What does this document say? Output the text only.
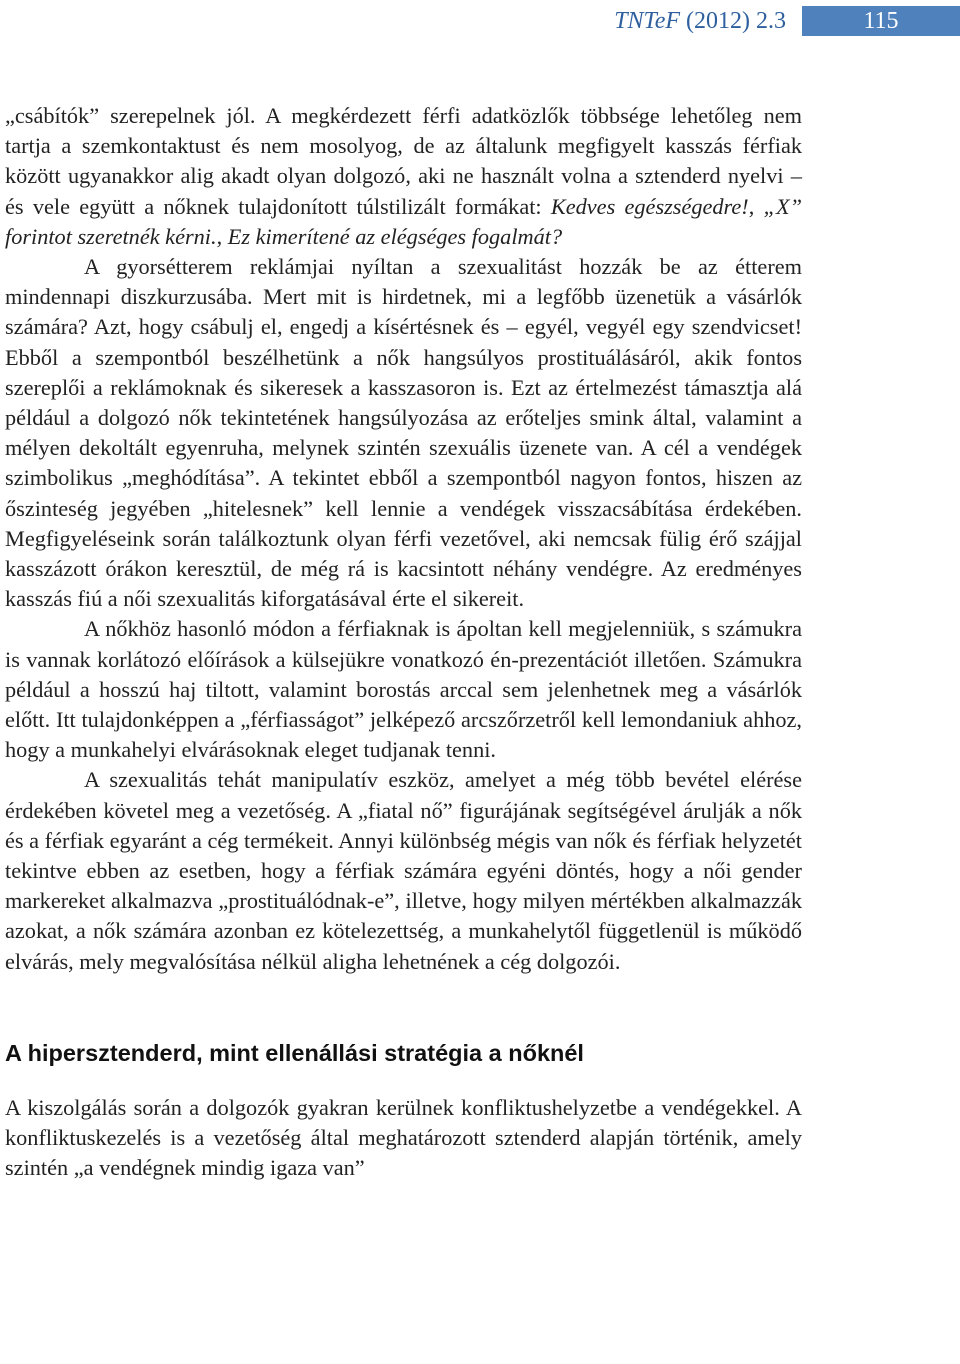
TNTeF (2012) 2.3	115

„csábítók” szerepelnek jól. A megkérdezett férfi adatközlők többsége lehetőleg nem tartja a szemkontaktust és nem mosolyog, de az általunk megfigyelt kasszás férfiak között ugyanakkor alig akadt olyan dolgozó, aki ne használt volna a sztenderd nyelvi – és vele együtt a nőknek tulajdonított túlstilizált formákat: Kedves egészségedre!, „X” forintot szeretnék kérni., Ez kimerítené az elégséges fogalmát?

A gyorsétterem reklámjai nyíltan a szexualitást hozzák be az étterem mindennapi diszkurzusába. Mert mit is hirdetnek, mi a legfőbb üzenetük a vásárlók számára? Azt, hogy csábulj el, engedj a kísértésnek és – egyél, vegyél egy szendvicset! Ebből a szempontból beszélhetünk a nők hangsúlyos prostituálásáról, akik fontos szereplői a reklámoknak és sikeresek a kasszasoron is. Ezt az értelmezést támasztja alá például a dolgozó nők tekintetének hangsúlyozása az erőteljes smink által, valamint a mélyen dekoltált egyenruha, melynek szintén szexuális üzenete van. A cél a vendégek szimbolikus „meghódítása”. A tekintet ebből a szempontból nagyon fontos, hiszen az őszinteség jegyében „hitelesnek” kell lennie a vendégek visszacsábítása érdekében. Megfigyeléseink során találkoztunk olyan férfi vezetővel, aki nemcsak fülig érő szájjal kasszázott órákon keresztül, de még rá is kacsintott néhány vendégre. Az eredményes kasszás fiú a női szexualitás kiforgatásával érte el sikereit.

A nőkhöz hasonló módon a férfiaknak is ápoltan kell megjelenniük, s számukra is vannak korlátozó előírások a külsejükre vonatkozó én-prezentációt illetően. Számukra például a hosszú haj tiltott, valamint borostás arccal sem jelenhetnek meg a vásárlók előtt. Itt tulajdonképpen a „férfiasságot” jelképező arcszőrzetről kell lemondaniuk ahhoz, hogy a munkahelyi elvárásoknak eleget tudjanak tenni.

A szexualitás tehát manipulatív eszköz, amelyet a még több bevétel elérése érdekében követel meg a vezetőség. A „fiatal nő” figurájának segítségével árulják a nők és a férfiak egyaránt a cég termékeit. Annyi különbség mégis van nők és férfiak helyzetét tekintve ebben az esetben, hogy a férfiak számára egyéni döntés, hogy a női gender markereket alkalmazva „prostituálódnak-e”, illetve, hogy milyen mértékben alkalmazzák azokat, a nők számára azonban ez kötelezettség, a munkahelytől függetlenül is működő elvárás, mely megvalósítása nélkül aligha lehetnének a cég dolgozói.

A hipersztenderd, mint ellenállási stratégia a nőknél

A kiszolgálás során a dolgozók gyakran kerülnek konfliktushelyzetbe a vendégekkel. A konfliktuskezelés is a vezetőség által meghatározott sztenderd alapján történik, amely szintén „a vendégnek mindig igaza van”
